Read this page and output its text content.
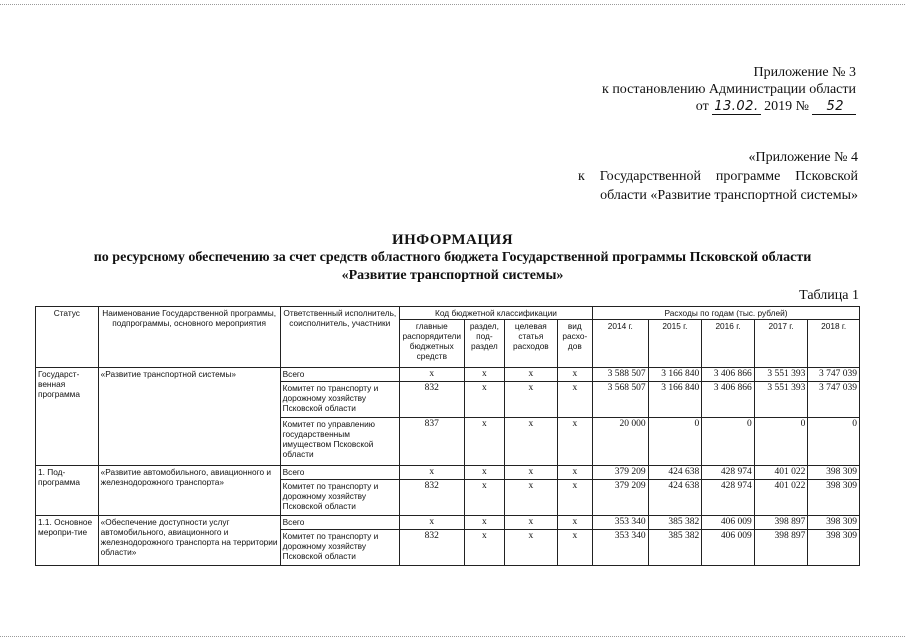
Приложение № 3
к постановлению Администрации области
от 13.02. 2019 № 52
«Приложение № 4
к Государственной программе Псковской
области «Развитие транспортной системы»
ИНФОРМАЦИЯ
по ресурсному обеспечению за счет средств областного бюджета Государственной программы Псковской области
«Развитие транспортной системы»
Таблица 1
Статус	Наименование Государственной программы, подпрограммы, основного мероприятия	Ответственный исполнитель, соисполнитель, участники	Код бюджетной классификации				Расходы по годам (тыс. рублей)				
			главные распорядители бюджетных средств	раздел, под-раздел	целевая статья расходов	вид расхо-дов	2014 г.	2015 г.	2016 г.	2017 г.	2018 г.
Государст-венная программа	«Развитие транспортной системы»	Всего	х	х	х	х	3 588 507	3 166 840	3 406 866	3 551 393	3 747 039
		Комитет по транспорту и дорожному хозяйству Псковской области	832	х	х	х	3 568 507	3 166 840	3 406 866	3 551 393	3 747 039
		Комитет по управлению государственным имуществом Псковской области	837	х	х	х	20 000	0	0	0	0
1. Под-программа	«Развитие автомобильного, авиационного и железнодорожного транспорта»	Всего	х	х	х	х	379 209	424 638	428 974	401 022	398 309
		Комитет по транспорту и дорожному хозяйству Псковской области	832	х	х	х	379 209	424 638	428 974	401 022	398 309
1.1. Основное меропри-тие	«Обеспечение доступности услуг автомобильного, авиационного и железнодорожного транспорта на территории области»	Всего	х	х	х	х	353 340	385 382	406 009	398 897	398 309
		Комитет по транспорту и дорожному хозяйству Псковской области	832	х	х	х	353 340	385 382	406 009	398 897	398 309
